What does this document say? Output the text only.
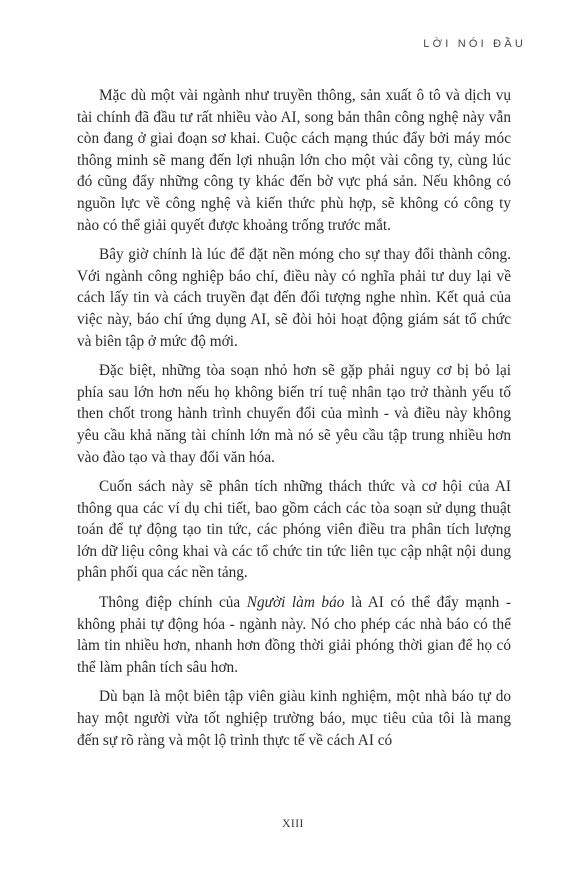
LỜI NÓI ĐẦU

Mặc dù một vài ngành như truyền thông, sản xuất ô tô và dịch vụ tài chính đã đầu tư rất nhiều vào AI, song bản thân công nghệ này vẫn còn đang ở giai đoạn sơ khai. Cuộc cách mạng thúc đẩy bởi máy móc thông minh sẽ mang đến lợi nhuận lớn cho một vài công ty, cùng lúc đó cũng đẩy những công ty khác đến bờ vực phá sản. Nếu không có nguồn lực về công nghệ và kiến thức phù hợp, sẽ không có công ty nào có thể giải quyết được khoảng trống trước mắt.

Bây giờ chính là lúc để đặt nền móng cho sự thay đổi thành công. Với ngành công nghiệp báo chí, điều này có nghĩa phải tư duy lại về cách lấy tin và cách truyền đạt đến đối tượng nghe nhìn. Kết quả của việc này, báo chí ứng dụng AI, sẽ đòi hỏi hoạt động giám sát tổ chức và biên tập ở mức độ mới.

Đặc biệt, những tòa soạn nhỏ hơn sẽ gặp phải nguy cơ bị bỏ lại phía sau lớn hơn nếu họ không biến trí tuệ nhân tạo trở thành yếu tố then chốt trong hành trình chuyển đổi của mình - và điều này không yêu cầu khả năng tài chính lớn mà nó sẽ yêu cầu tập trung nhiều hơn vào đào tạo và thay đổi văn hóa.

Cuốn sách này sẽ phân tích những thách thức và cơ hội của AI thông qua các ví dụ chi tiết, bao gồm cách các tòa soạn sử dụng thuật toán để tự động tạo tin tức, các phóng viên điều tra phân tích lượng lớn dữ liệu công khai và các tổ chức tin tức liên tục cập nhật nội dung phân phối qua các nền tảng.

Thông điệp chính của Người làm báo là AI có thể đẩy mạnh - không phải tự động hóa - ngành này. Nó cho phép các nhà báo có thể làm tin nhiều hơn, nhanh hơn đồng thời giải phóng thời gian để họ có thể làm phân tích sâu hơn.

Dù bạn là một biên tập viên giàu kinh nghiệm, một nhà báo tự do hay một người vừa tốt nghiệp trường báo, mục tiêu của tôi là mang đến sự rõ ràng và một lộ trình thực tế về cách AI có

XIII
